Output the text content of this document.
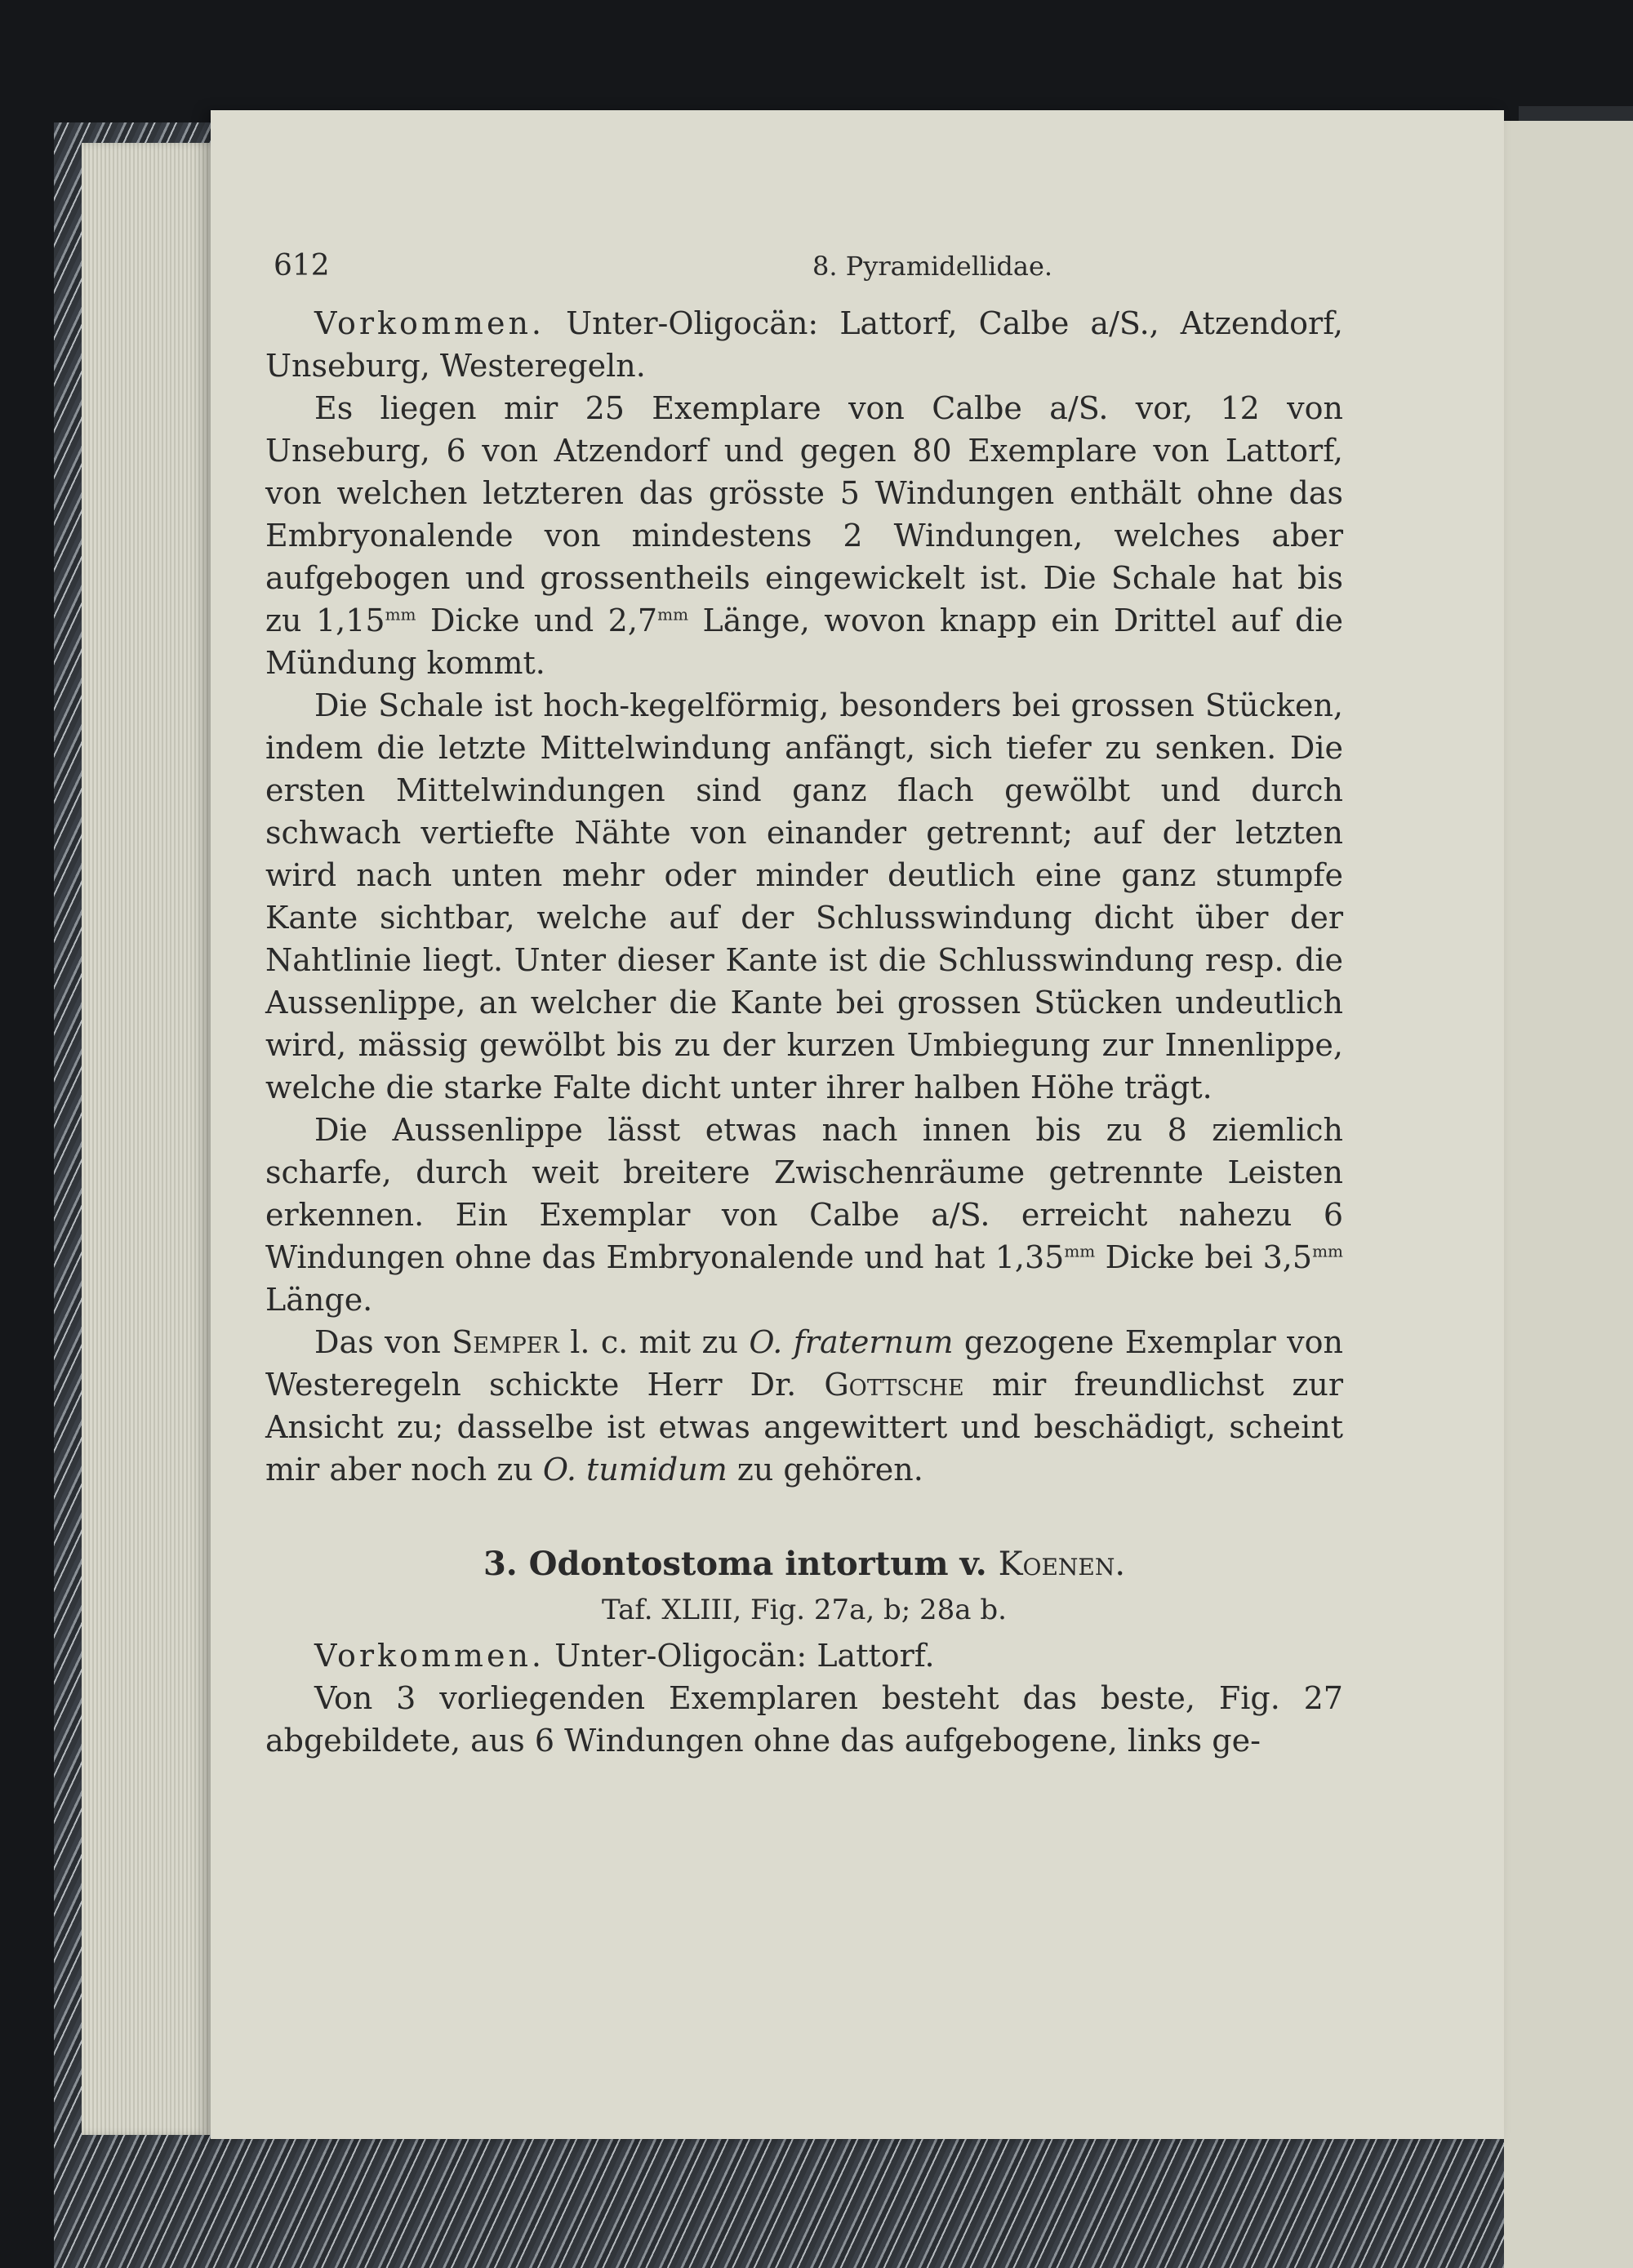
612	8. Pyramidellidae.

Vorkommen. Unter-Oligocän: Lattorf, Calbe a/S., Atzendorf, Unseburg, Westeregeln.

Es liegen mir 25 Exemplare von Calbe a/S. vor, 12 von Unseburg, 6 von Atzendorf und gegen 80 Exemplare von Lattorf, von welchen letzteren das grösste 5 Windungen enthält ohne das Embryonalende von mindestens 2 Windungen, welches aber aufgebogen und grossentheils eingewickelt ist. Die Schale hat bis zu $1,15^{mm}$ Dicke und $2,7^{mm}$ Länge, wovon knapp ein Drittel auf die Mündung kommt.

Die Schale ist hoch-kegelförmig, besonders bei grossen Stücken, indem die letzte Mittelwindung anfängt, sich tiefer zu senken. Die ersten Mittelwindungen sind ganz flach gewölbt und durch schwach vertiefte Nähte von einander getrennt; auf der letzten wird nach unten mehr oder minder deutlich eine ganz stumpfe Kante sichtbar, welche auf der Schlusswindung dicht über der Nahtlinie liegt. Unter dieser Kante ist die Schlusswindung resp. die Aussenlippe, an welcher die Kante bei grossen Stücken undeutlich wird, mässig gewölbt bis zu der kurzen Umbiegung zur Innenlippe, welche die starke Falte dicht unter ihrer halben Höhe trägt.

Die Aussenlippe lässt etwas nach innen bis zu 8 ziemlich scharfe, durch weit breitere Zwischenräume getrennte Leisten erkennen. Ein Exemplar von Calbe a/S. erreicht nahezu 6 Windungen ohne das Embryonalende und hat $1,35^{mm}$ Dicke bei $3,5^{mm}$ Länge.

Das von Semper l. c. mit zu O. fraternum gezogene Exemplar von Westeregeln schickte Herr Dr. Gottsche mir freundlichst zur Ansicht zu; dasselbe ist etwas angewittert und beschädigt, scheint mir aber noch zu O. tumidum zu gehören.

3. Odontostoma intortum v. Koenen.
Taf. XLIII, Fig. 27a, b; 28a b.

Vorkommen. Unter-Oligocän: Lattorf.

Von 3 vorliegenden Exemplaren besteht das beste, Fig. 27 abgebildete, aus 6 Windungen ohne das aufgebogene, links ge-
